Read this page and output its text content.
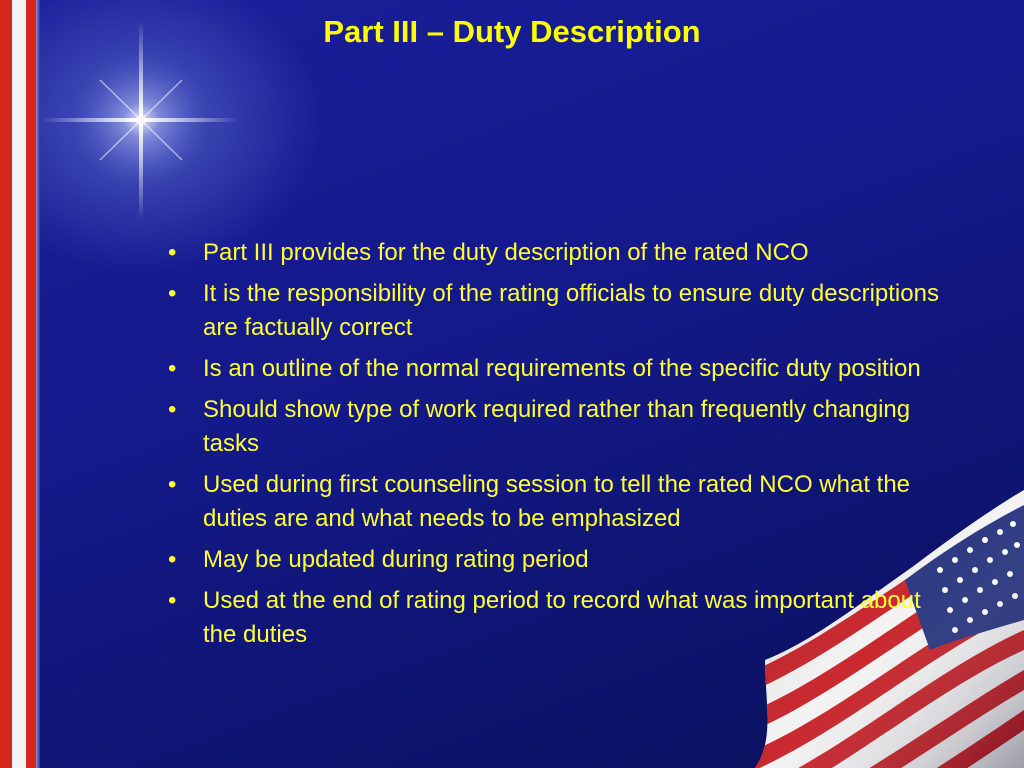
Part III – Duty Description
• Part III provides for the duty description of the rated NCO
• It is the responsibility of the rating officials to ensure duty descriptions are factually correct
• Is an outline of the normal requirements of the specific duty position
• Should show type of work required rather than frequently changing tasks
• Used during first counseling session to tell the rated NCO what the duties are and what needs to be emphasized
• May be updated during rating period
• Used at the end of rating period to record what was important about the duties
